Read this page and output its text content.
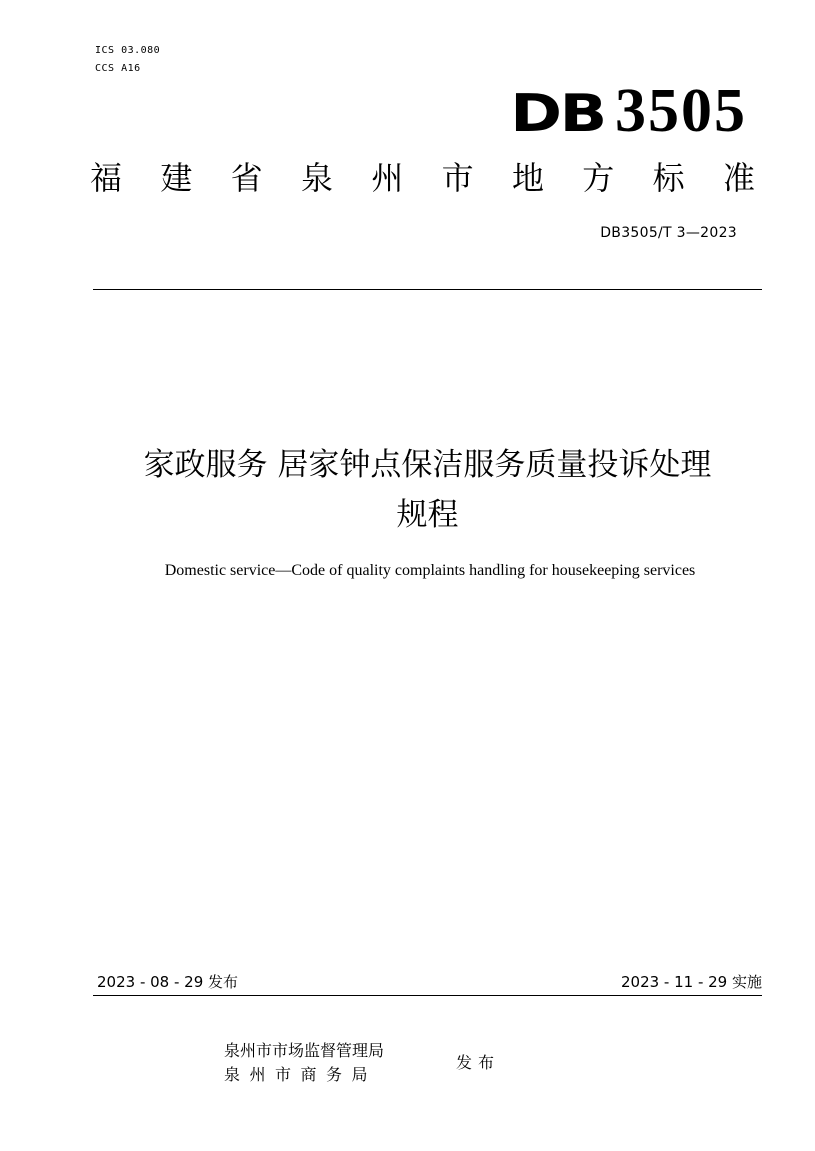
ICS 03.080
CCS A16
DB 3505
福 建 省 泉 州 市 地 方 标 准
DB3505/T 3—2023
家政服务 居家钟点保洁服务质量投诉处理
规程
Domestic service—Code of quality complaints handling for housekeeping services
2023 - 08 - 29 发布	2023 - 11 - 29 实施
泉州市市场监督管理局
泉州市商务局
发布
